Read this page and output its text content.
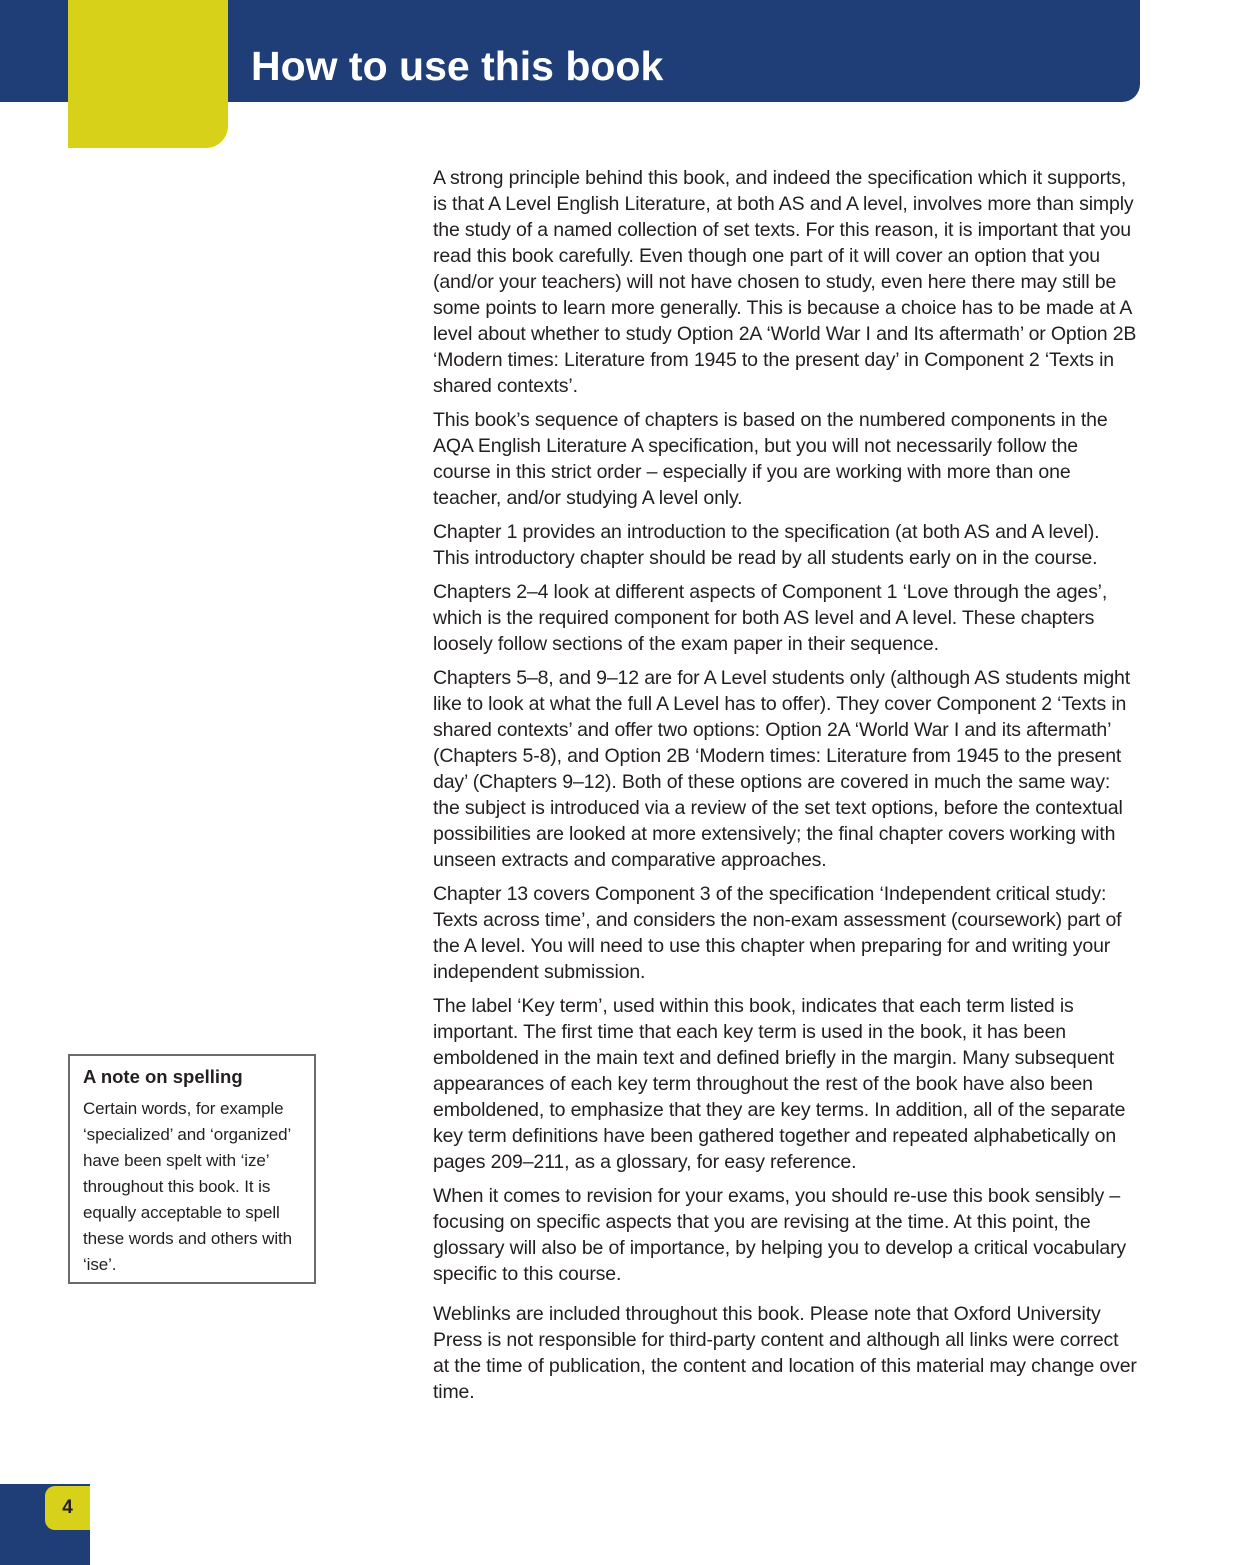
How to use this book

A strong principle behind this book, and indeed the specification which it supports, is that A Level English Literature, at both AS and A level, involves more than simply the study of a named collection of set texts. For this reason, it is important that you read this book carefully. Even though one part of it will cover an option that you (and/or your teachers) will not have chosen to study, even here there may still be some points to learn more generally. This is because a choice has to be made at A level about whether to study Option 2A ‘World War I and Its aftermath’ or Option 2B ‘Modern times: Literature from 1945 to the present day’ in Component 2 ‘Texts in shared contexts’.

This book’s sequence of chapters is based on the numbered components in the AQA English Literature A specification, but you will not necessarily follow the course in this strict order – especially if you are working with more than one teacher, and/or studying A level only.

Chapter 1 provides an introduction to the specification (at both AS and A level). This introductory chapter should be read by all students early on in the course.

Chapters 2–4 look at different aspects of Component 1 ‘Love through the ages’, which is the required component for both AS level and A level. These chapters loosely follow sections of the exam paper in their sequence.

Chapters 5–8, and 9–12 are for A Level students only (although AS students might like to look at what the full A Level has to offer). They cover Component 2 ‘Texts in shared contexts’ and offer two options: Option 2A ‘World War I and its aftermath’ (Chapters 5-8), and Option 2B ‘Modern times: Literature from 1945 to the present day’ (Chapters 9–12). Both of these options are covered in much the same way: the subject is introduced via a review of the set text options, before the contextual possibilities are looked at more extensively; the final chapter covers working with unseen extracts and comparative approaches.

Chapter 13 covers Component 3 of the specification ‘Independent critical study: Texts across time’, and considers the non-exam assessment (coursework) part of the A level. You will need to use this chapter when preparing for and writing your independent submission.

The label ‘Key term’, used within this book, indicates that each term listed is important. The first time that each key term is used in the book, it has been emboldened in the main text and defined briefly in the margin. Many subsequent appearances of each key term throughout the rest of the book have also been emboldened, to emphasize that they are key terms. In addition, all of the separate key term definitions have been gathered together and repeated alphabetically on pages 209–211, as a glossary, for easy reference.

When it comes to revision for your exams, you should re-use this book sensibly – focusing on specific aspects that you are revising at the time. At this point, the glossary will also be of importance, by helping you to develop a critical vocabulary specific to this course.

Weblinks are included throughout this book. Please note that Oxford University Press is not responsible for third-party content and although all links were correct at the time of publication, the content and location of this material may change over time.

A note on spelling

Certain words, for example ‘specialized’ and ‘organized’ have been spelt with ‘ize’ throughout this book. It is equally acceptable to spell these words and others with ‘ise’.

4
